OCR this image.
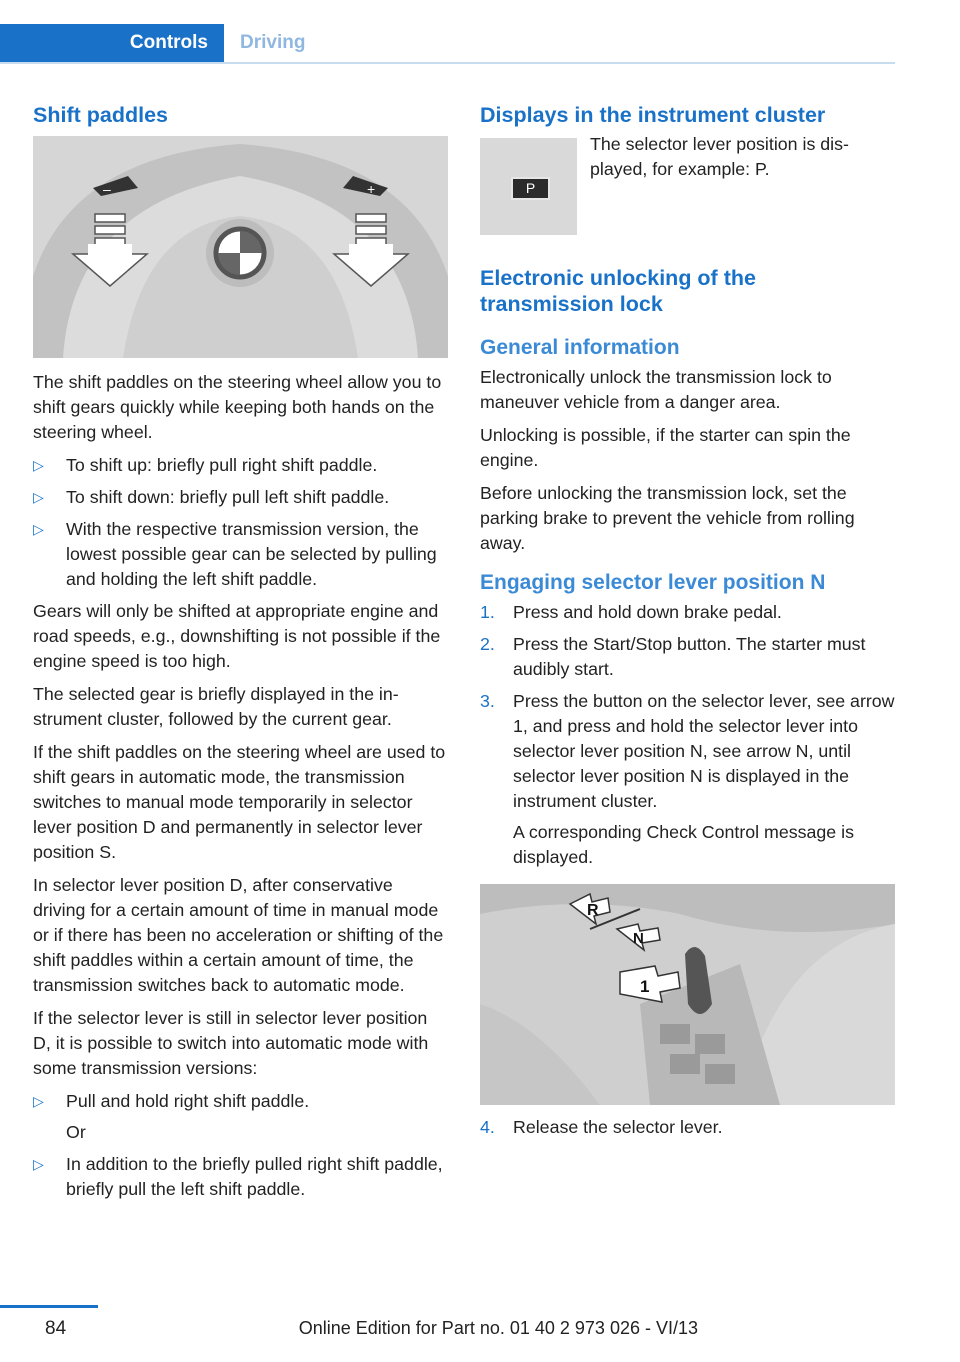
Controls	Driving
Shift paddles
–	+

The shift paddles on the steering wheel allow you to shift gears quickly while keeping both hands on the steering wheel.

▷ To shift up: briefly pull right shift paddle.
▷ To shift down: briefly pull left shift paddle.
▷ With the respective transmission version, the lowest possible gear can be selected by pulling and holding the left shift paddle.

Gears will only be shifted at appropriate engine and road speeds, e.g., downshifting is not possible if the engine speed is too high.

The selected gear is briefly displayed in the instrument cluster, followed by the current gear.

If the shift paddles on the steering wheel are used to shift gears in automatic mode, the transmission switches to manual mode temporarily in selector lever position D and permanently in selector lever position S.

In selector lever position D, after conservative driving for a certain amount of time in manual mode or if there has been no acceleration or shifting of the shift paddles within a certain amount of time, the transmission switches back to automatic mode.

If the selector lever is still in selector lever position D, it is possible to switch into automatic mode with some transmission versions:

▷ Pull and hold right shift paddle.
Or
▷ In addition to the briefly pulled right shift paddle, briefly pull the left shift paddle.
Displays in the instrument cluster
P

The selector lever position is displayed, for example: P.

Electronic unlocking of the transmission lock
General information

Electronically unlock the transmission lock to maneuver vehicle from a danger area.

Unlocking is possible, if the starter can spin the engine.

Before unlocking the transmission lock, set the parking brake to prevent the vehicle from rolling away.

Engaging selector lever position N
1. Press and hold down brake pedal.
2. Press the Start/Stop button. The starter must audibly start.
3. Press the button on the selector lever, see arrow 1, and press and hold the selector lever into selector lever position N, see arrow N, until selector lever position N is displayed in the instrument cluster.
A corresponding Check Control message is displayed.
R
N
1
4. Release the selector lever.
84	Online Edition for Part no. 01 40 2 973 026 - VI/13
